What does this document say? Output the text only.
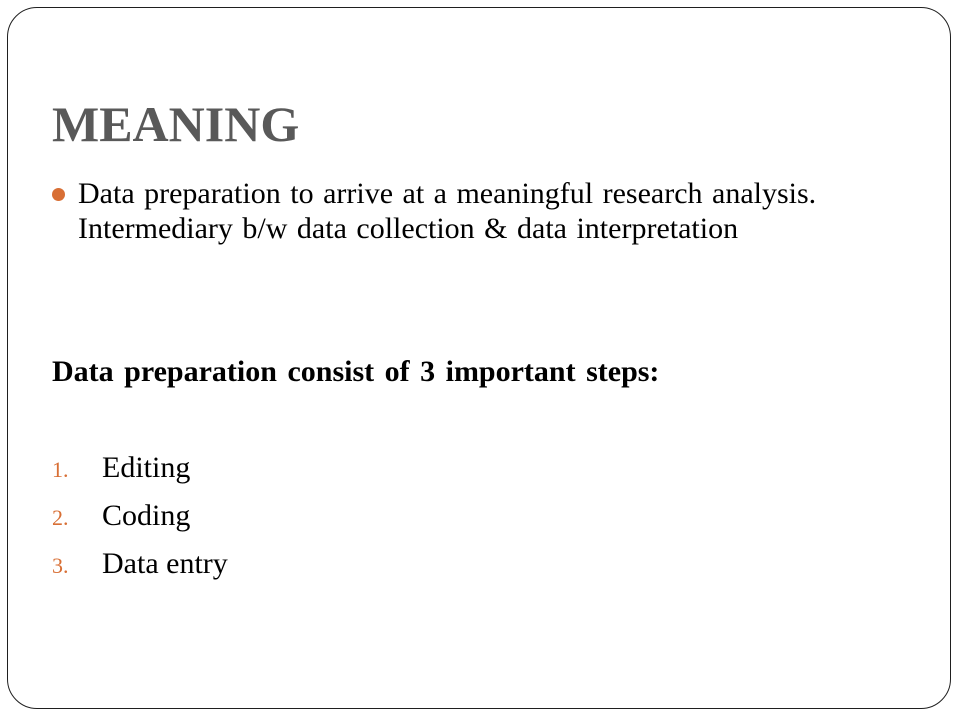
MEANING

Data preparation to arrive at a meaningful research analysis. Intermediary b/w data collection & data interpretation

Data preparation consist of 3 important steps:

1. Editing
2. Coding
3. Data entry
